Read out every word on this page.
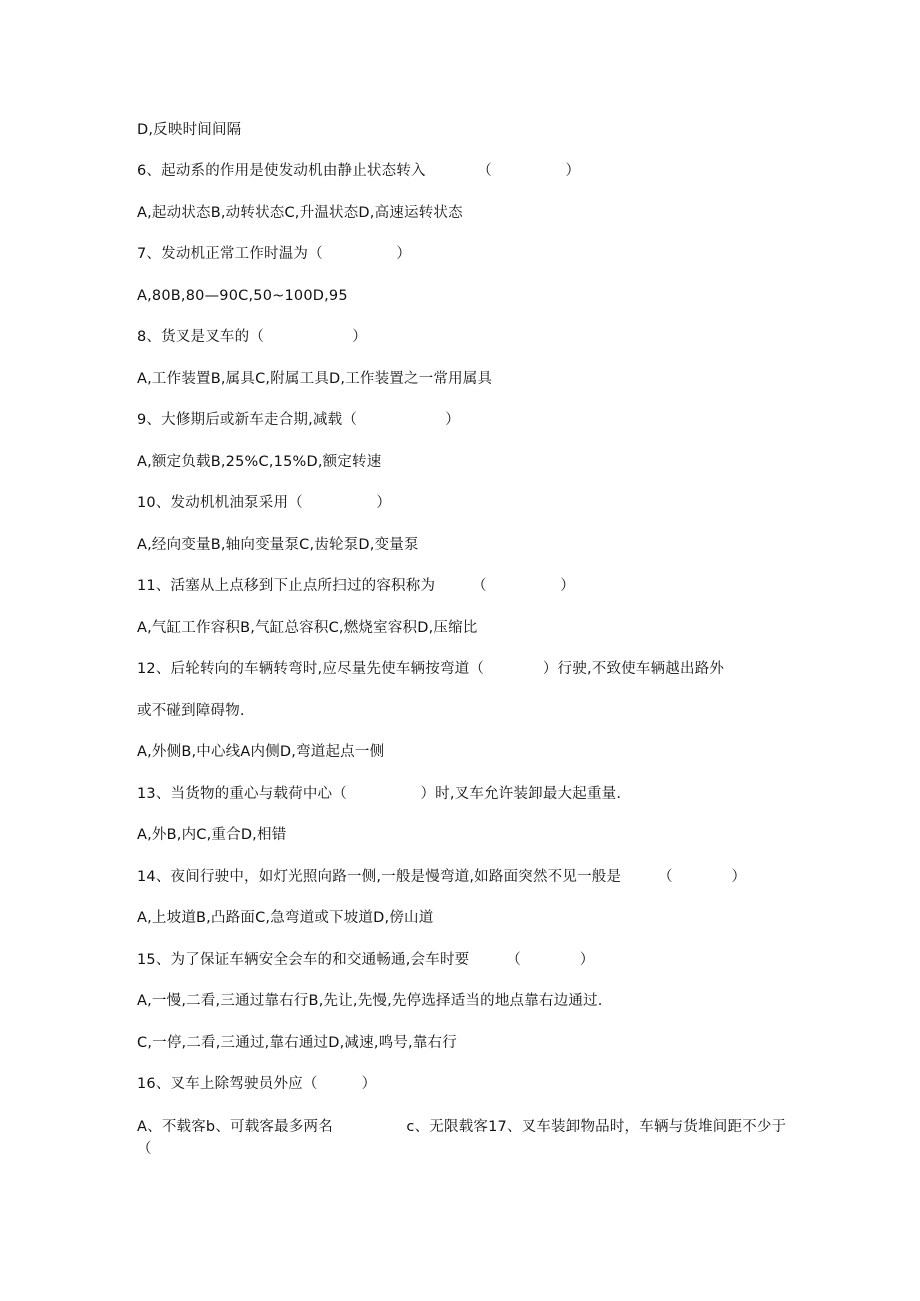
D,反映时间间隔
6、起动系的作用是使发动机由静止状态转入　　　　（　　　　　）
A,起动状态B,动转状态C,升温状态D,高速运转状态
7、发动机正常工作时温为（　　　　　）
A,80B,80—90C,50~100D,95
8、货叉是叉车的（　　　　　　）
A,工作装置B,属具C,附属工具D,工作装置之一常用属具
9、大修期后或新车走合期,减载（　　　　　　）
A,额定负载B,25%C,15%D,额定转速
10、发动机机油泵采用（　　　　　）
A,经向变量B,轴向变量泵C,齿轮泵D,变量泵
11、活塞从上点移到下止点所扫过的容积称为　　　（　　　　　）
A,气缸工作容积B,气缸总容积C,燃烧室容积D,压缩比
12、后轮转向的车辆转弯时,应尽量先使车辆按弯道（　　　　）行驶,不致使车辆越出路外
或不碰到障碍物.
A,外侧B,中心线A内侧D,弯道起点一侧
13、当货物的重心与载荷中心（　　　　　）时,叉车允许装卸最大起重量.
A,外B,内C,重合D,相错
14、夜间行驶中，如灯光照向路一侧,一般是慢弯道,如路面突然不见一般是　　　（　　　　）
A,上坡道B,凸路面C,急弯道或下坡道D,傍山道
15、为了保证车辆安全会车的和交通畅通,会车时要　　　（　　　　）
A,一慢,二看,三通过靠右行B,先让,先慢,先停选择适当的地点靠右边通过.
C,一停,二看,三通过,靠右通过D,减速,鸣号,靠右行
16、叉车上除驾驶员外应（　　　）
A、不载客b、可载客最多两名　　　　　c、无限载客17、叉车装卸物品时，车辆与货堆间距不少于（
